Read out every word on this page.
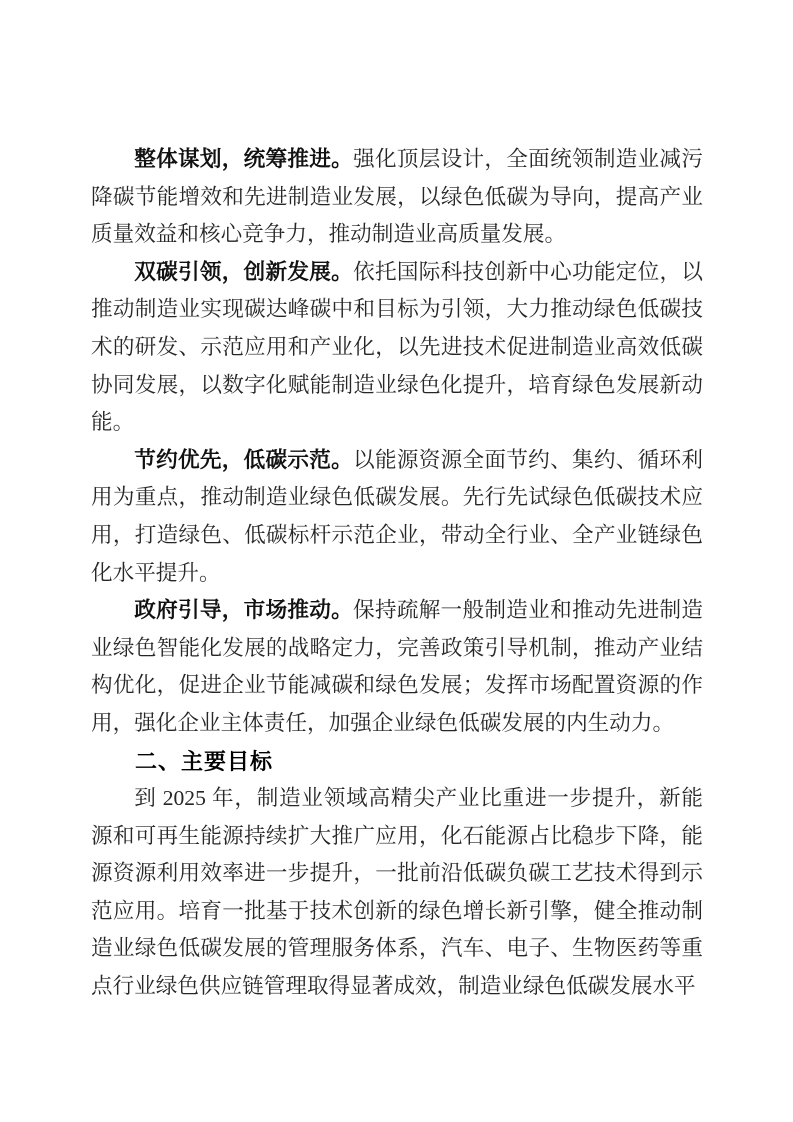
整体谋划，统筹推进。强化顶层设计，全面统领制造业减污降碳节能增效和先进制造业发展，以绿色低碳为导向，提高产业质量效益和核心竞争力，推动制造业高质量发展。

双碳引领，创新发展。依托国际科技创新中心功能定位，以推动制造业实现碳达峰碳中和目标为引领，大力推动绿色低碳技术的研发、示范应用和产业化，以先进技术促进制造业高效低碳协同发展，以数字化赋能制造业绿色化提升，培育绿色发展新动能。

节约优先，低碳示范。以能源资源全面节约、集约、循环利用为重点，推动制造业绿色低碳发展。先行先试绿色低碳技术应用，打造绿色、低碳标杆示范企业，带动全行业、全产业链绿色化水平提升。

政府引导，市场推动。保持疏解一般制造业和推动先进制造业绿色智能化发展的战略定力，完善政策引导机制，推动产业结构优化，促进企业节能减碳和绿色发展；发挥市场配置资源的作用，强化企业主体责任，加强企业绿色低碳发展的内生动力。

二、主要目标

到 2025 年，制造业领域高精尖产业比重进一步提升，新能源和可再生能源持续扩大推广应用，化石能源占比稳步下降，能源资源利用效率进一步提升，一批前沿低碳负碳工艺技术得到示范应用。培育一批基于技术创新的绿色增长新引擎，健全推动制造业绿色低碳发展的管理服务体系，汽车、电子、生物医药等重点行业绿色供应链管理取得显著成效，制造业绿色低碳发展水平
